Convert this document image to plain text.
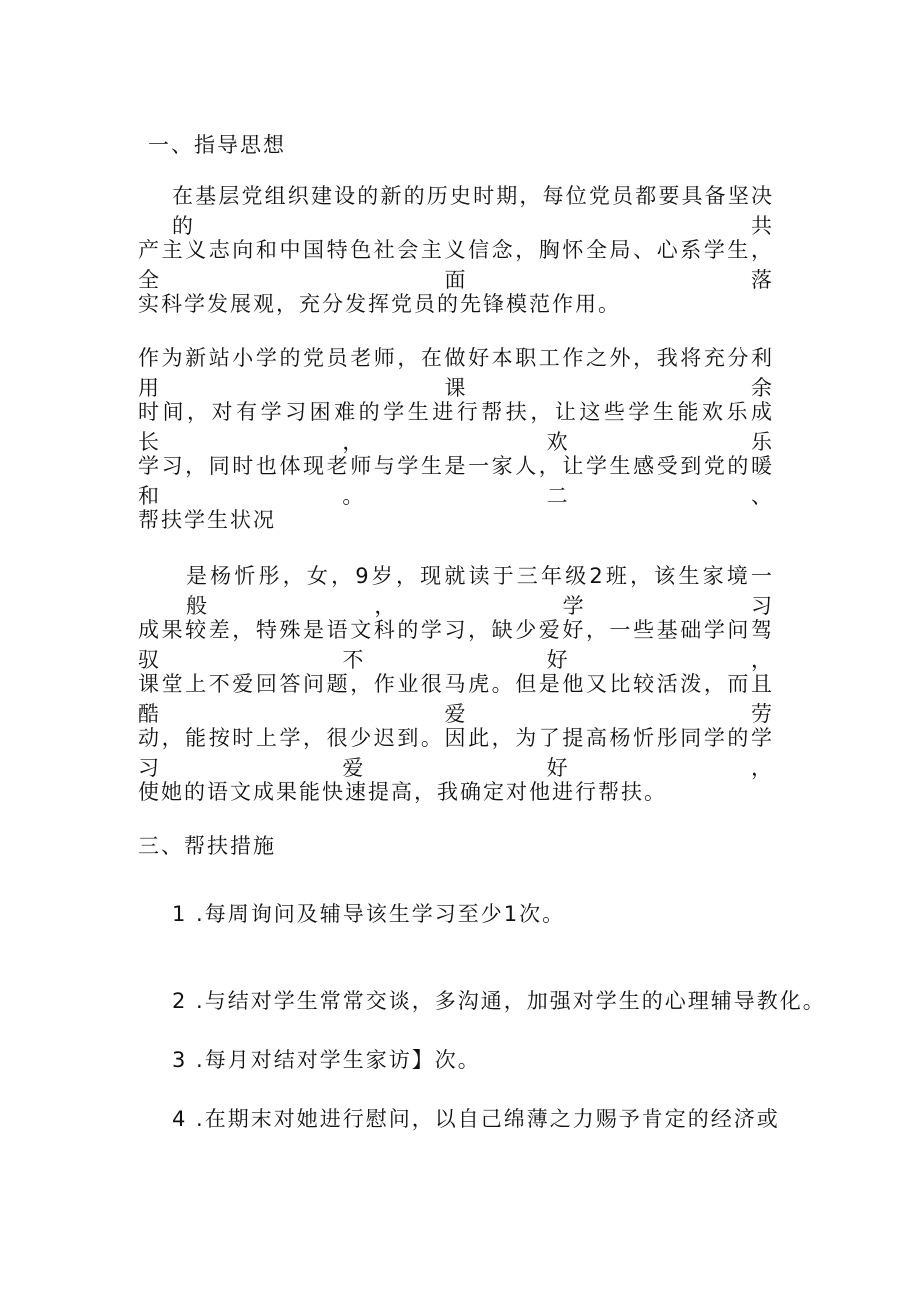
一、指导思想
在基层党组织建设的新的历史时期，每位党员都要具备坚决的共
产主义志向和中国特色社会主义信念，胸怀全局、心系学生，全面落
实科学发展观，充分发挥党员的先锋模范作用。
作为新站小学的党员老师，在做好本职工作之外，我将充分利用课余
时间，对有学习困难的学生进行帮扶，让这些学生能欢乐成长，欢乐
学习，同时也体现老师与学生是一家人，让学生感受到党的暖和。二、
帮扶学生状况
是杨忻彤，女，9岁，现就读于三年级2班，该生家境一般，学习
成果较差，特殊是语文科的学习，缺少爱好，一些基础学问驾驭不好，
课堂上不爱回答问题，作业很马虎。但是他又比较活泼，而且酷爱劳
动，能按时上学，很少迟到。因此，为了提高杨忻彤同学的学习爱好，
使她的语文成果能快速提高，我确定对他进行帮扶。
三、帮扶措施
1 .每周询问及辅导该生学习至少1次。
2 .与结对学生常常交谈，多沟通，加强对学生的心理辅导教化。
3 .每月对结对学生家访】次。
4 .在期末对她进行慰问，以自己绵薄之力赐予肯定的经济或
